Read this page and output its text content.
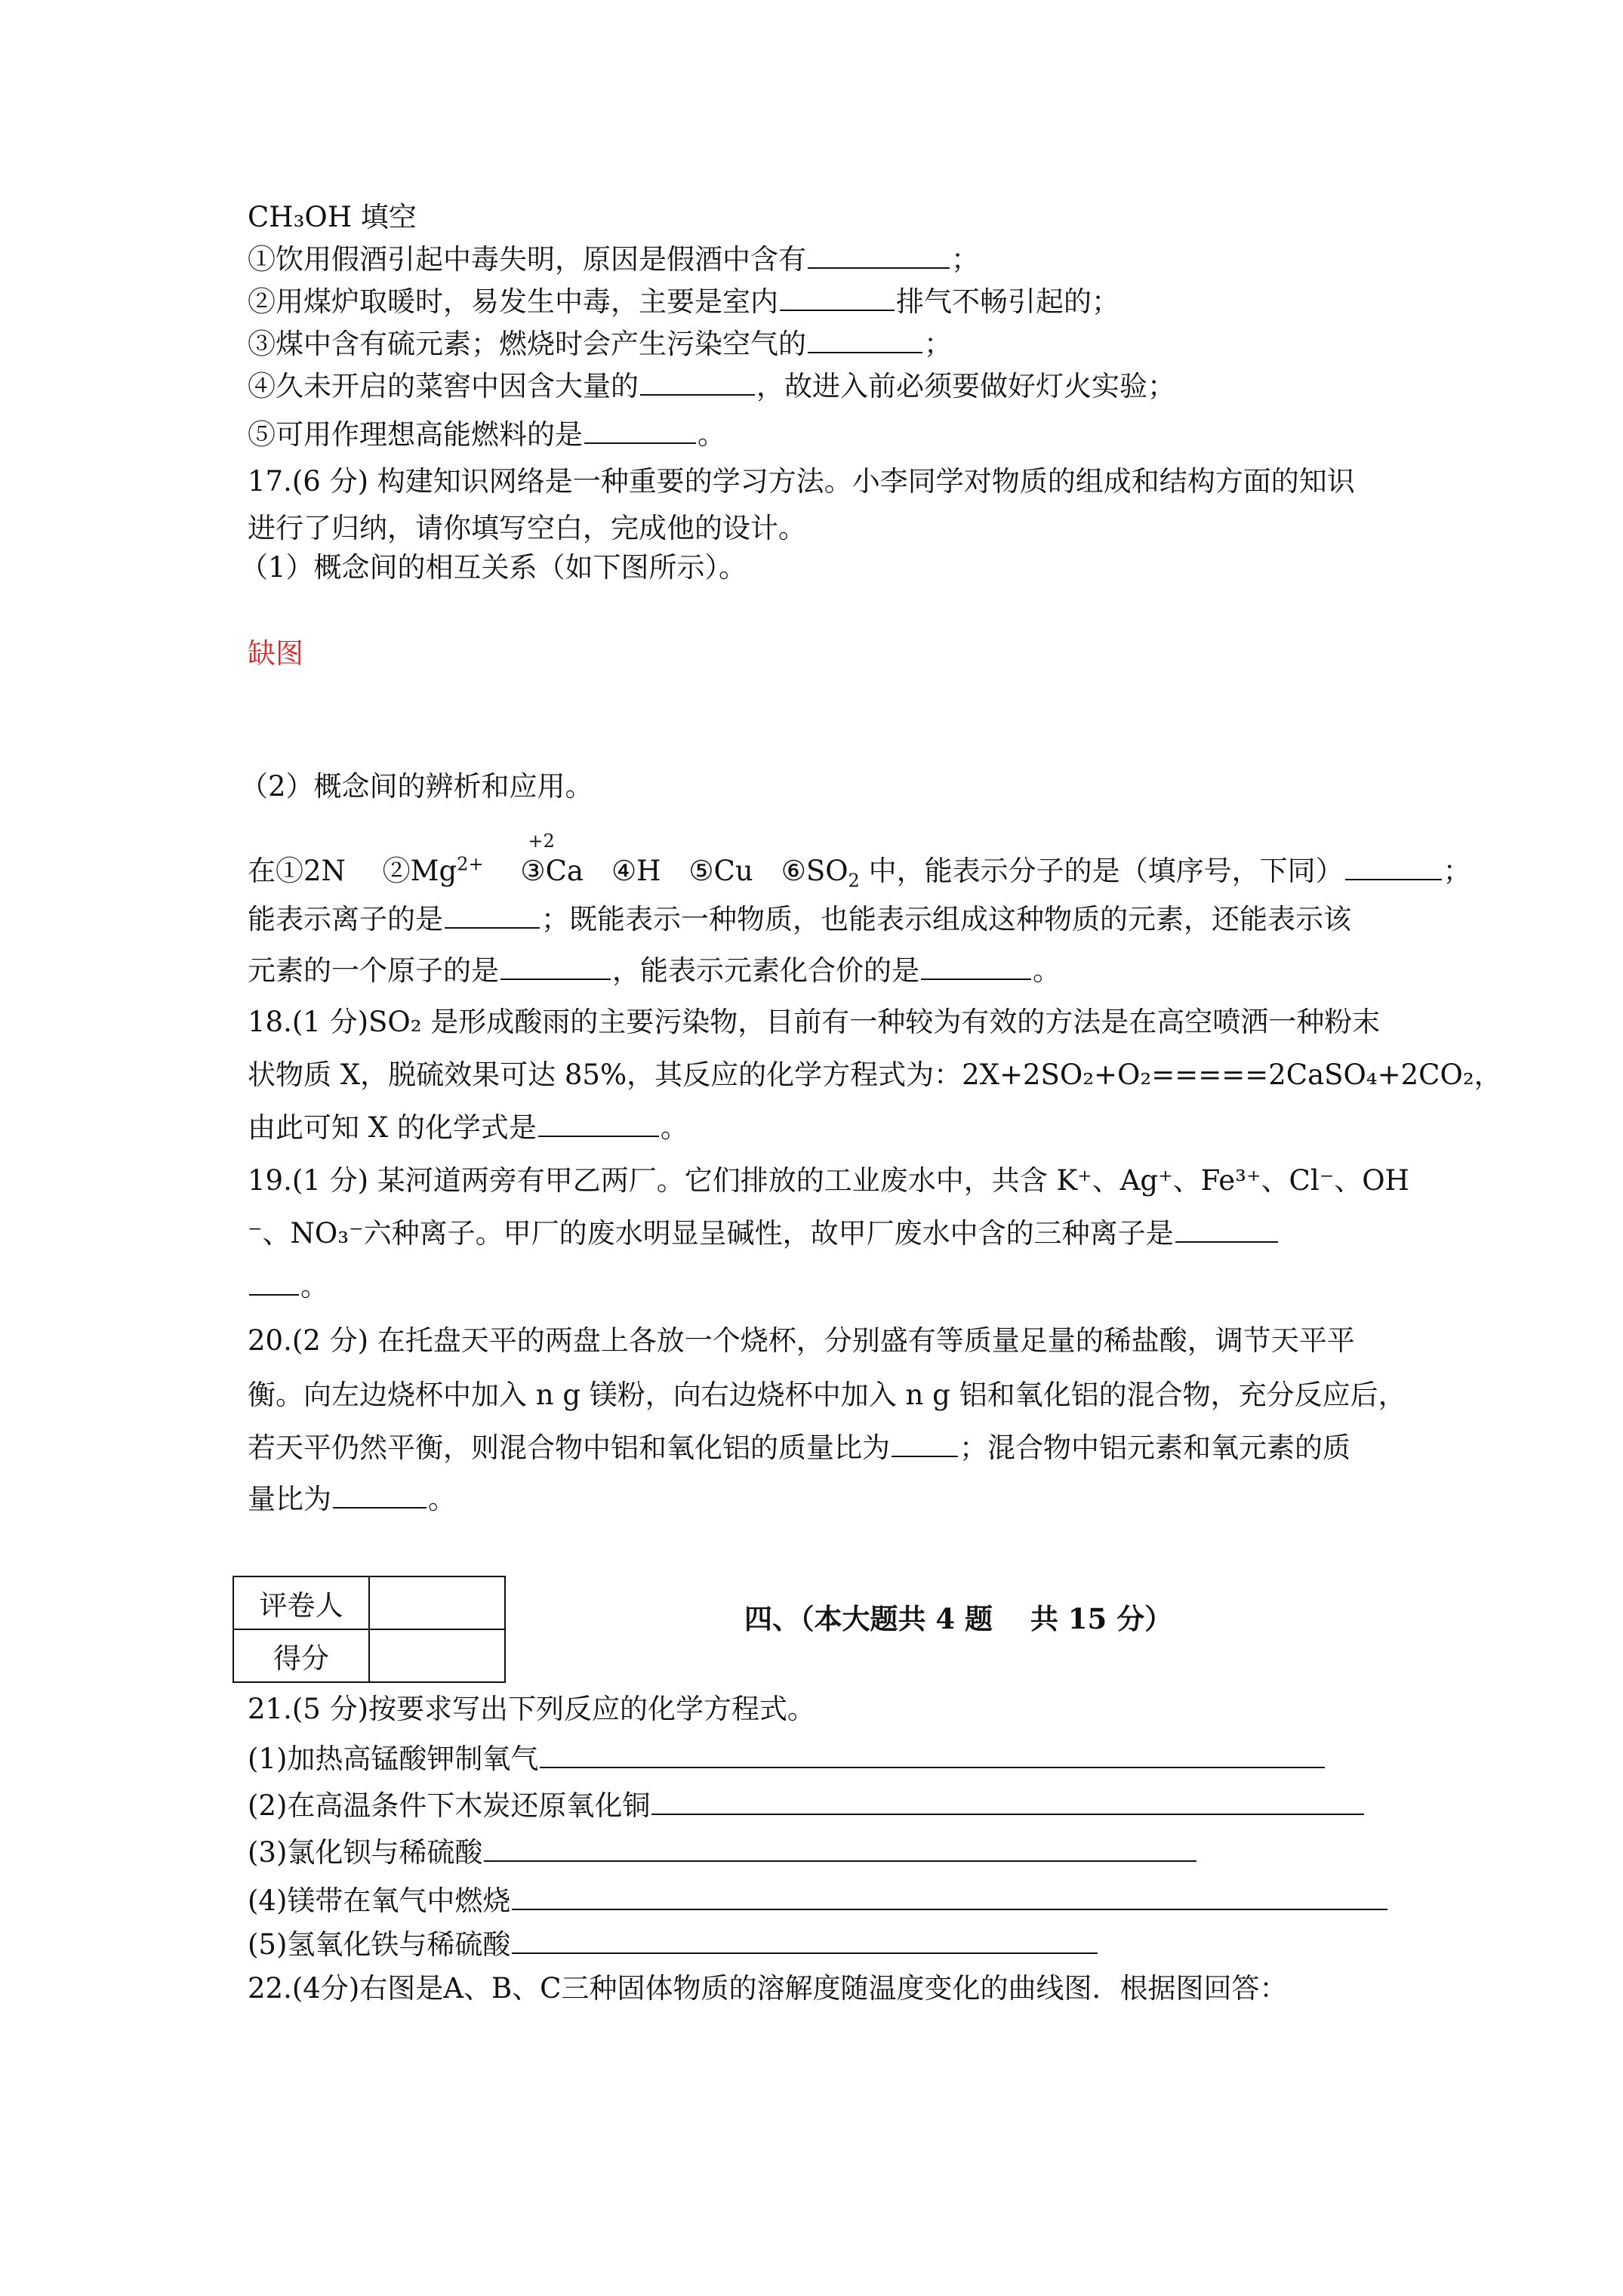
CH₃OH 填空
①饮用假酒引起中毒失明，原因是假酒中含有	；
②用煤炉取暖时，易发生中毒，主要是室内	排气不畅引起的；
③煤中含有硫元素；燃烧时会产生污染空气的	；
④久未开启的菜窖中因含大量的	，故进入前必须要做好灯火实验；
⑤可用作理想高能燃料的是	。
17.(6 分) 构建知识网络是一种重要的学习方法。小李同学对物质的组成和结构方面的知识
进行了归纳，请你填写空白，完成他的设计。
（1）概念间的相互关系（如下图所示）。
缺图
（2）概念间的辨析和应用。
在①2N　 $②Mg^{2+}$　
+2
③Ca　④H　⑤Cu　$⑥SO_2$ 中，能表示分子的是（填序号，下同）	；
能表示离子的是	；既能表示一种物质，也能表示组成这种物质的元素，还能表示该
元素的一个原子的是	，能表示元素化合价的是	。
18.(1 分)SO₂ 是形成酸雨的主要污染物，目前有一种较为有效的方法是在高空喷洒一种粉末
状物质 X，脱硫效果可达 85%，其反应的化学方程式为：2X+2SO₂+O₂=====2CaSO₄+2CO₂，
由此可知 X 的化学式是	。
19.(1 分) 某河道两旁有甲乙两厂。它们排放的工业废水中，共含 K⁺、Ag⁺、Fe³⁺、Cl⁻、OH
⁻、NO₃⁻六种离子。甲厂的废水明显呈碱性，故甲厂废水中含的三种离子是
。
20.(2 分) 在托盘天平的两盘上各放一个烧杯，分别盛有等质量足量的稀盐酸，调节天平平
衡。向左边烧杯中加入 n g 镁粉，向右边烧杯中加入 n g 铝和氧化铝的混合物，充分反应后，
若天平仍然平衡，则混合物中铝和氧化铝的质量比为 ；混合物中铝元素和氧元素的质
量比为	。
评卷人	
得分	
四、（本大题共 4 题　 共 15 分）
21.(5 分)按要求写出下列反应的化学方程式。
(1)加热高锰酸钾制氧气
(2)在高温条件下木炭还原氧化铜
(3)氯化钡与稀硫酸
(4)镁带在氧气中燃烧
(5)氢氧化铁与稀硫酸
22.(4分)右图是A、B、C三种固体物质的溶解度随温度变化的曲线图．根据图回答：
